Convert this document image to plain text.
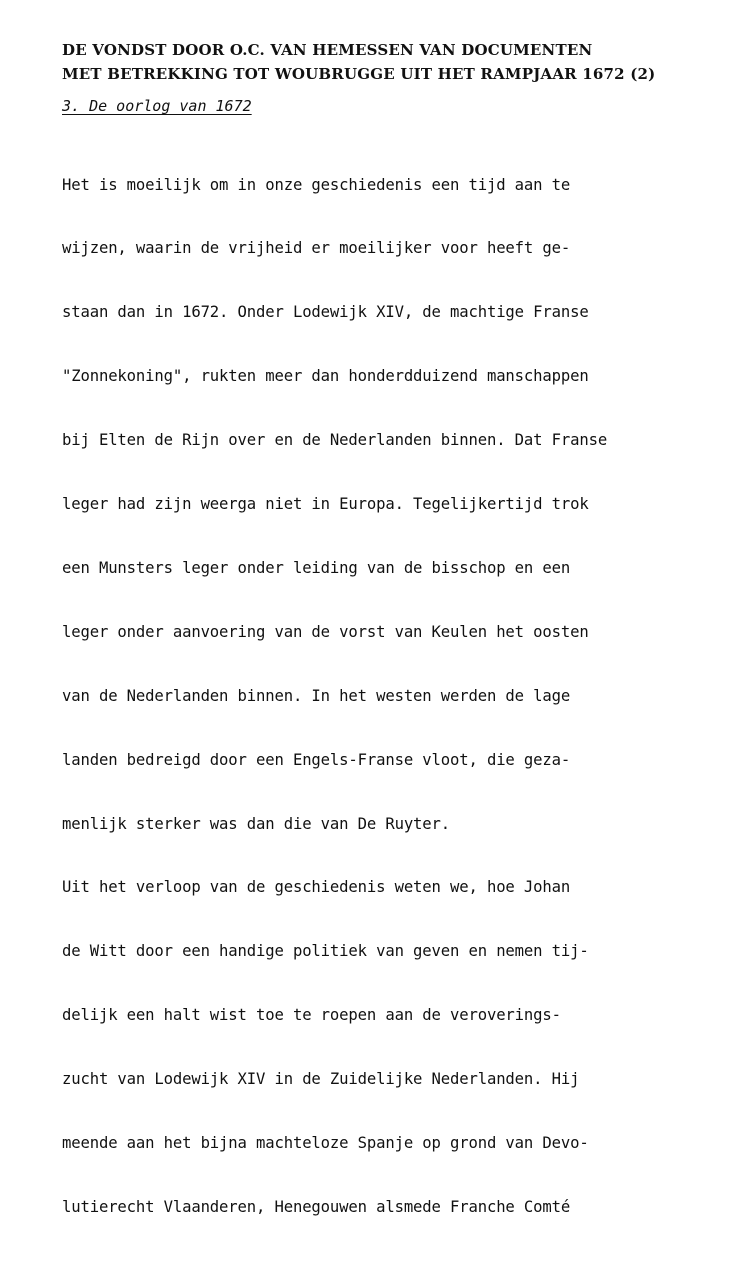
DE VONDST DOOR O.C. VAN HEMESSEN VAN DOCUMENTEN
MET BETREKKING TOT WOUBRUGGE UIT HET RAMPJAAR 1672 (2)
3. De oorlog van 1672

Het is moeilijk om in onze geschiedenis een tijd aan te

wijzen, waarin de vrijheid er moeilijker voor heeft ge-

staan dan in 1672. Onder Lodewijk XIV, de machtige Franse

"Zonnekoning", rukten meer dan honderdduizend manschappen

bij Elten de Rijn over en de Nederlanden binnen. Dat Franse

leger had zijn weerga niet in Europa. Tegelijkertijd trok

een Munsters leger onder leiding van de bisschop en een

leger onder aanvoering van de vorst van Keulen het oosten

van de Nederlanden binnen. In het westen werden de lage

landen bedreigd door een Engels-Franse vloot, die geza-

menlijk sterker was dan die van De Ruyter.

Uit het verloop van de geschiedenis weten we, hoe Johan

de Witt door een handige politiek van geven en nemen tij-

delijk een halt wist toe te roepen aan de veroverings-

zucht van Lodewijk XIV in de Zuidelijke Nederlanden. Hij

meende aan het bijna machteloze Spanje op grond van Devo-

lutierecht Vlaanderen, Henegouwen alsmede Franche Comté
